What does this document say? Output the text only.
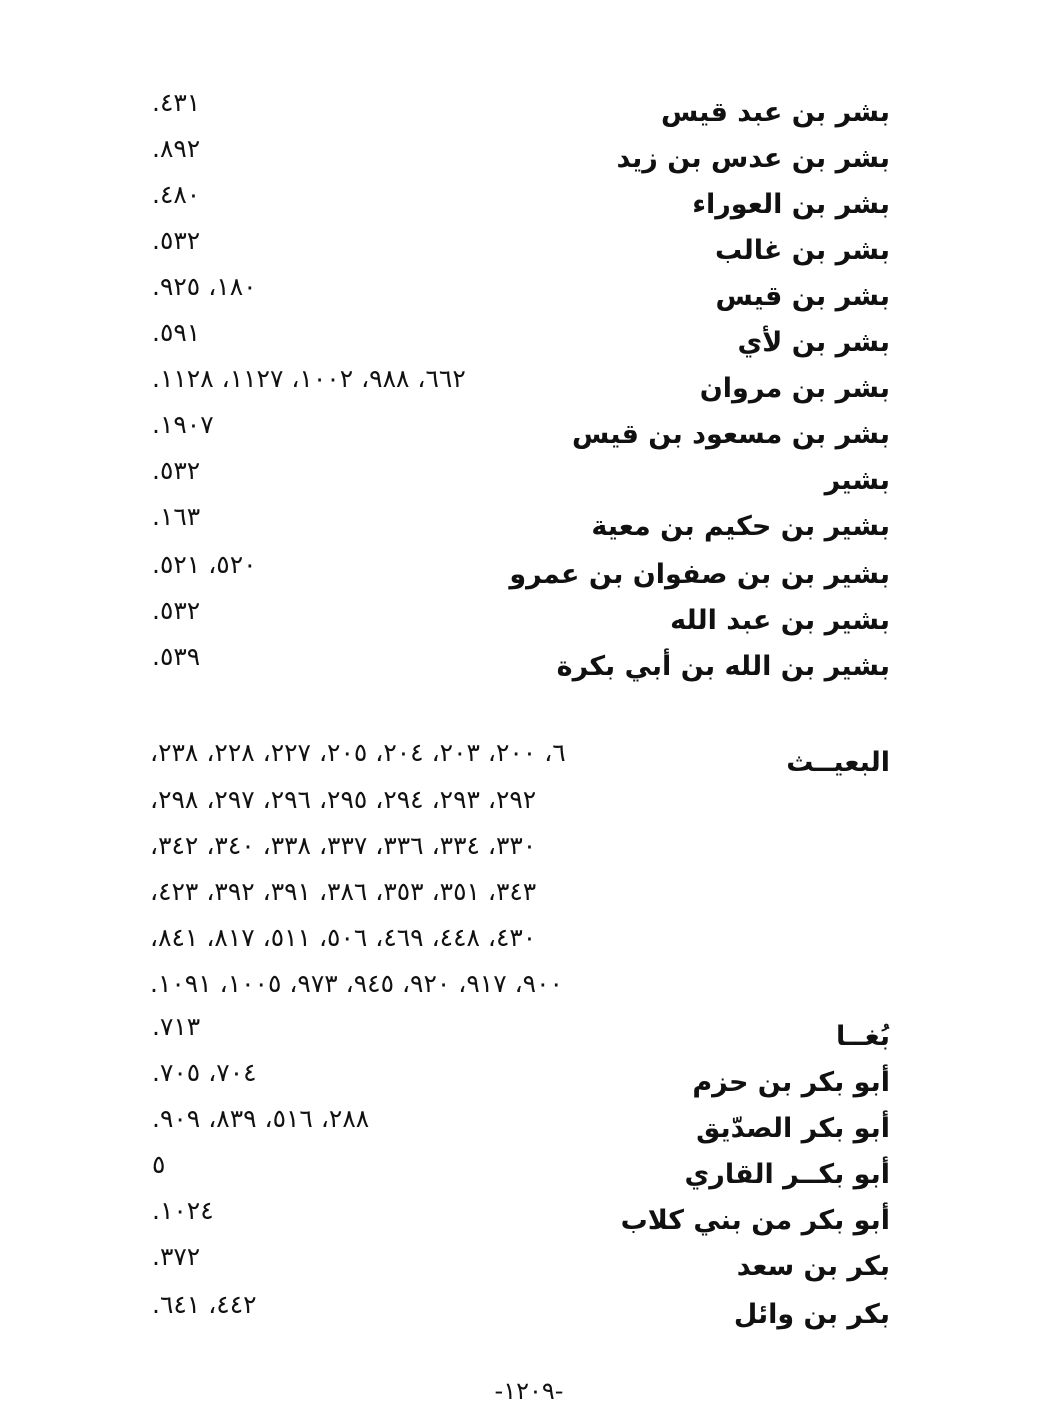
بشر بن عبد قيس
٤٣١.
بشر بن عدس بن زيد
٨٩٢.
بشر بن العوراء
٤٨٠.
بشر بن غالب
٥٣٢.
بشر بن قيس
١٨٠، ٩٢٥.
بشر بن لأي
٥٩١.
بشر بن مروان
٦٦٢، ٩٨٨، ١٠٠٢، ١١٢٧، ١١٢٨.
بشر بن مسعود بن قيس
١٩٠٧.
بشير
٥٣٢.
بشير بن حكيم بن معية
١٦٣.
بشير بن بن صفوان بن عمرو
٥٢٠، ٥٢١.
بشير بن عبد الله
٥٣٢.
بشير بن الله بن أبي بكرة
٥٣٩.
البعيــث
٦، ٢٠٠، ٢٠٣، ٢٠٤، ٢٠٥، ٢٢٧، ٢٢٨، ٢٣٨،
٢٩٢، ٢٩٣، ٢٩٤، ٢٩٥، ٢٩٦، ٢٩٧، ٢٩٨،
٣٣٠، ٣٣٤، ٣٣٦، ٣٣٧، ٣٣٨، ٣٤٠، ٣٤٢،
٣٤٣، ٣٥١، ٣٥٣، ٣٨٦، ٣٩١، ٣٩٢، ٤٢٣،
٤٣٠، ٤٤٨، ٤٦٩، ٥٠٦، ٥١١، ٨١٧، ٨٤١،
٩٠٠، ٩١٧، ٩٢٠، ٩٤٥، ٩٧٣، ١٠٠٥، ١٠٩١.
بُغــا
٧١٣.
أبو بكر بن حزم
٧٠٤، ٧٠٥.
أبو بكر الصدّيق
٢٨٨، ٥١٦، ٨٣٩، ٩٠٩.
أبو بكــر القاري
٥
أبو بكر من بني كلاب
١٠٢٤.
بكر بن سعد
٣٧٢.
بكر بن وائل
٤٤٢، ٦٤١.
-١٢٠٩-
